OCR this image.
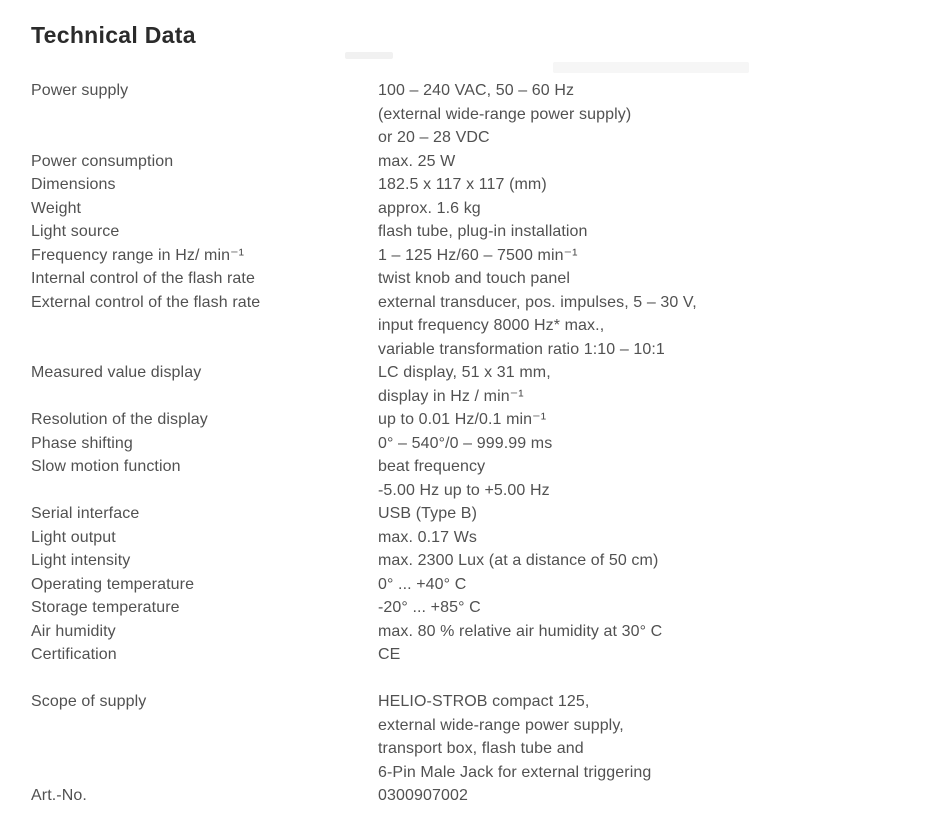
Technical Data
Power supply	100 – 240 VAC, 50 – 60 Hz
(external wide-range power supply)
or 20 – 28 VDC
Power consumption	max. 25 W
Dimensions	182.5 x 117 x 117 (mm)
Weight	approx. 1.6 kg
Light source	flash tube, plug-in installation
Frequency range in Hz/ min⁻¹	1 – 125 Hz/60 – 7500 min⁻¹
Internal control of the flash rate	twist knob and touch panel
External control of the flash rate	external transducer, pos. impulses, 5 – 30 V,
input frequency 8000 Hz* max.,
variable transformation ratio 1:10 – 10:1
Measured value display	LC display, 51 x 31 mm,
display in Hz / min⁻¹
Resolution of the display	up to 0.01 Hz/0.1 min⁻¹
Phase shifting	0° – 540°/0 – 999.99 ms
Slow motion function	beat frequency
-5.00 Hz up to +5.00 Hz
Serial interface	USB (Type B)
Light output	max. 0.17 Ws
Light intensity	max. 2300 Lux (at a distance of 50 cm)
Operating temperature	0° ... +40° C
Storage temperature	-20° ... +85° C
Air humidity	max. 80 % relative air humidity at 30° C
Certification	CE
Scope of supply	HELIO-STROB compact 125,
external wide-range power supply,
transport box, flash tube and
6-Pin Male Jack for external triggering
Art.-No.	0300907002
